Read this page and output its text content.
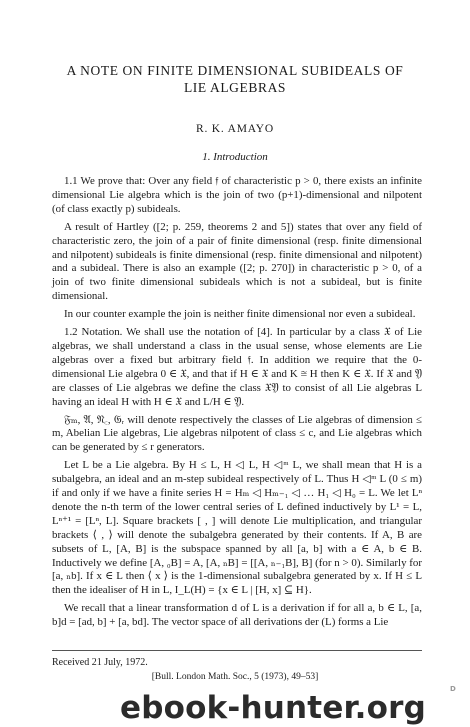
A NOTE ON FINITE DIMENSIONAL SUBIDEALS OF
LIE ALGEBRAS
R. K. AMAYO
1. Introduction

1.1 We prove that: Over any field 𝔣 of characteristic p > 0, there exists an infinite dimensional Lie algebra which is the join of two (p+1)-dimensional and nilpotent (of class exactly p) subideals.

A result of Hartley ([2; p. 259, theorems 2 and 5]) states that over any field of characteristic zero, the join of a pair of finite dimensional (resp. finite dimensional and nilpotent) subideals is finite dimensional (resp. finite dimensional and nilpotent) and a subideal. There is also an example ([2; p. 270]) in characteristic p > 0, of a join of two finite dimensional subideals which is not a subideal, but is finite dimensional.

In our counter example the join is neither finite dimensional nor even a subideal.

1.2 Notation. We shall use the notation of [4]. In particular by a class 𝔛 of Lie algebras, we shall understand a class in the usual sense, whose elements are Lie algebras over a fixed but arbitrary field 𝔣. In addition we require that the 0-dimensional Lie algebra 0 ∈ 𝔛, and that if H ∈ 𝔛 and K ≅ H then K ∈ 𝔛. If 𝔛 and 𝔜 are classes of Lie algebras we define the class 𝔛𝔜 to consist of all Lie algebras L having an ideal H with H ∈ 𝔛 and L/H ∈ 𝔜.

𝔉ₘ, 𝔄, 𝔑꜀, 𝔊ᵣ will denote respectively the classes of Lie algebras of dimension ≤ m, Abelian Lie algebras, Lie algebras nilpotent of class ≤ c, and Lie algebras which can be generated by ≤ r generators.

Let L be a Lie algebra. By H ≤ L, H ◁ L, H ◁ᵐ L, we shall mean that H is a subalgebra, an ideal and an m-step subideal respectively of L. Thus H ◁ᵐ L (0 ≤ m) if and only if we have a finite series H = Hₘ ◁ Hₘ₋₁ ◁ … H₁ ◁ H₀ = L. We let Lⁿ denote the n-th term of the lower central series of L defined inductively by L¹ = L, Lⁿ⁺¹ = [Lⁿ, L]. Square brackets [ , ] will denote Lie multiplication, and triangular brackets ⟨ , ⟩ will denote the subalgebra generated by their contents. If A, B are subsets of L, [A, B] is the subspace spanned by all [a, b] with a ∈ A, b ∈ B. Inductively we define [A, ₀B] = A, [A, ₙB] = [[A, ₙ₋₁B], B] (for n > 0). Similarly for [a, ₙb]. If x ∈ L then ⟨ x ⟩ is the 1-dimensional subalgebra generated by x. If H ≤ L then the idealiser of H in L, I_L(H) = {x ∈ L | [H, x] ⊆ H}.

We recall that a linear transformation d of L is a derivation if for all a, b ∈ L, [a, b]d = [ad, b] + [a, bd]. The vector space of all derivations der (L) forms a Lie

Received 21 July, 1972.
[Bull. London Math. Soc., 5 (1973), 49–53]
ebook-hunter.org
D
